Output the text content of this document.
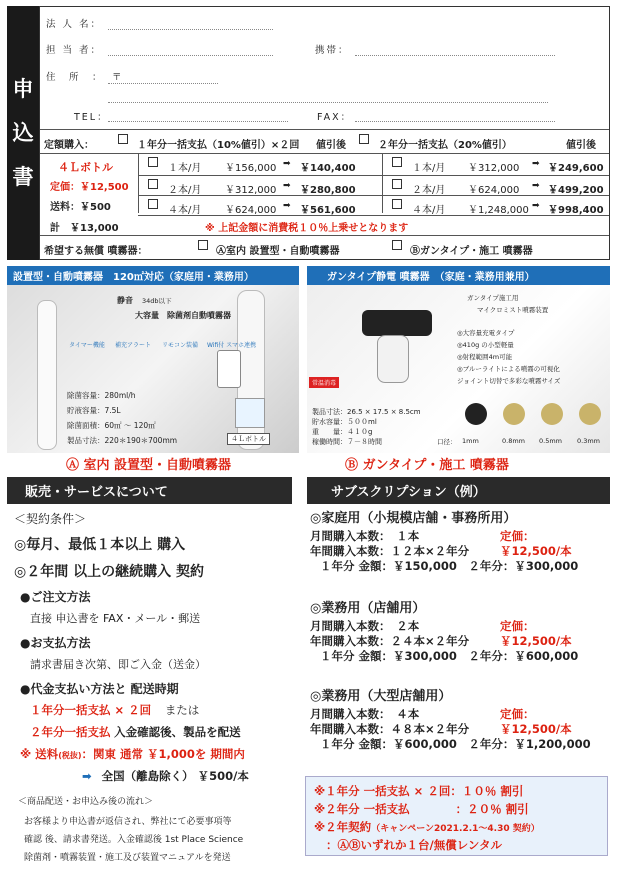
申
込
書
法 人 名：
担 当 者：	携帯：
住　所　： 〒
TEL：	FAX：
定額購入：	１年分一括支払（10%値引）×２回 値引後	２年分一括支払（20%値引）	値引後
４Ｌボトル
定価：￥12,500
送料：￥500
計　￥13,000
１本/月 ￥156,000 ➡ ￥140,400
２本/月 ￥312,000 ➡ ￥280,800
４本/月 ￥624,000 ➡ ￥561,600
１本/月 ￥312,000 ➡ ￥249,600
２本/月 ￥624,000 ➡ ￥499,200
４本/月 ￥1,248,000 ➡ ￥998,400
※ 上記金額に消費税１０％上乗せとなります
希望する無償 噴霧器：	Ⓐ室内 設置型・自動噴霧器	Ⓑガンタイプ・施工 噴霧器
設置型・自動噴霧器　120㎡対応（家庭用・業務用）
静音 34db以下
大容量　除菌剤自動噴霧器
タイマー機能 補充アラート リモコン装備 Wifi付 スマホ連携
除菌容量：280ml/h
貯液容量：7.5L
除菌面積：60㎡ ～ 120㎡
製品寸法：220＊190＊700mm	４Ｌボトル
Ⓐ 室内 設置型・自動噴霧器
ガンタイプ静電 噴霧器　（家庭・業務用兼用）
常温消毒
ガンタイプ施工用
マイクロミスト噴霧装置
◎大容量充電タイプ
◎410g の小型軽量
◎射程範囲4m可能
◎ブルーライトによる噴霧の可視化
ジョイント切替で多彩な噴霧サイズ
製品寸法：26.5 × 17.5 × 8.5cm
貯水容量：５００ml
重　　量：４１０g
稼働時間：７－８時間	口径： 1mm	0.8mm 0.5mm 0.3mm
Ⓑ ガンタイプ・施工 噴霧器
販売・サービスについて
＜契約条件＞
◎毎月、最低１本以上 購入
◎２年間 以上の継続購入 契約
●ご注文方法
直接 申込書を FAX・メール・郵送
●お支払方法
請求書届き次第、即ご入金（送金）
●代金支払い方法と 配送時期
１年分一括支払 × ２回 または
２年分一括支払 入金確認後、製品を配送
※ 送料(税抜)：関東 通常 ￥1,000を 期間内
➡ 全国（離島除く） ￥500/本
＜商品配送・お申込み後の流れ＞
お客様より申込書が返信され、弊社にて必要事項等
確認 後、請求書発送。入金確認後 1st Place Science
除菌剤・噴霧装置・施工及び装置マニュアルを発送
サブスクリプション（例）
◎家庭用（小規模店舗・事務所用）
月間購入本数：　１本	定価：￥12,500/本
年間購入本数：１２本×２年分
１年分 金額：￥150,000　２年分：￥300,000
◎業務用（店舗用）
月間購入本数：　２本	定価：￥12,500/本
年間購入本数：２４本×２年分
１年分 金額：￥300,000　２年分：￥600,000
◎業務用（大型店舗用）
月間購入本数：　４本	定価：￥12,500/本
年間購入本数：４８本×２年分
１年分 金額：￥600,000　２年分：￥1,200,000
※１年分 一括支払 × ２回：１０％ 割引
※２年分 一括支払　　　　：２０％ 割引
※２年契約（キャンペーン2021.2.1～4.30 契約）
：ⒶⒷいずれか１台/無償レンタル
